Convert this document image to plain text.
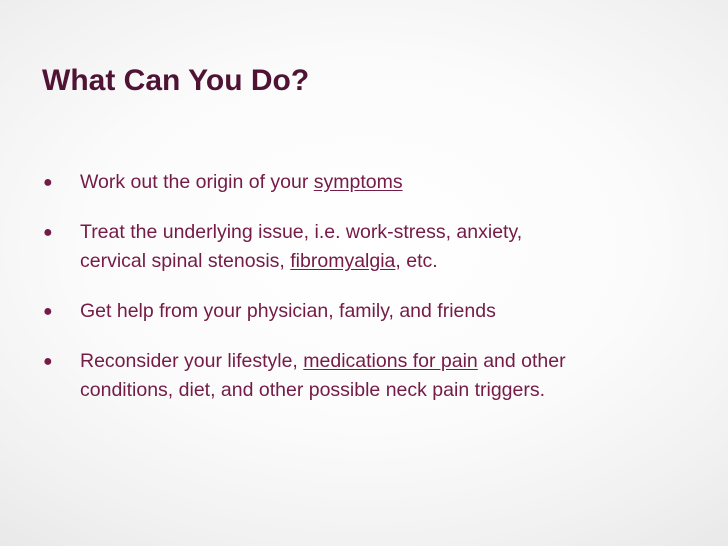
What Can You Do?
● Work out the origin of your symptoms
● Treat the underlying issue, i.e. work-stress, anxiety,
cervical spinal stenosis, fibromyalgia, etc.
● Get help from your physician, family, and friends
● Reconsider your lifestyle, medications for pain and other
conditions, diet, and other possible neck pain triggers.
